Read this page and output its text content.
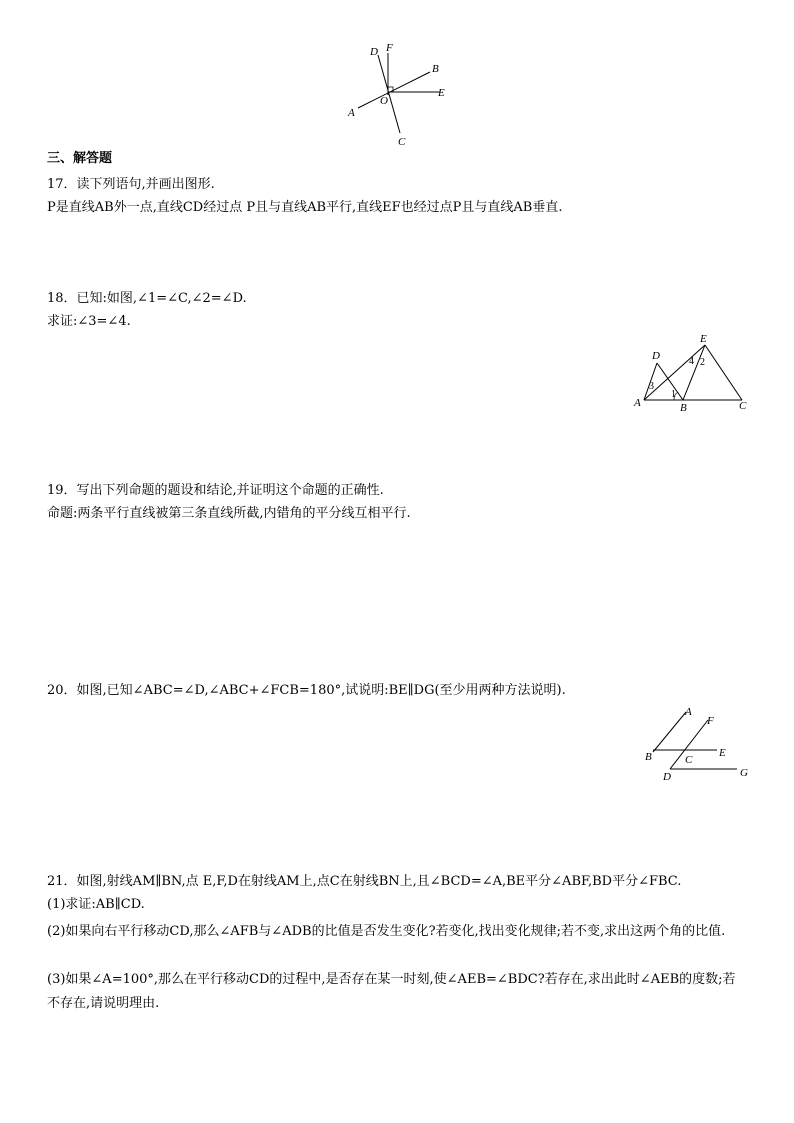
D F
B
E
O
A
C
三、解答题
17．读下列语句,并画出图形.
P是直线AB外一点,直线CD经过点 P且与直线AB平行,直线EF也经过点P且与直线AB垂直.
18．已知:如图,∠1=∠C,∠2=∠D.
求证:∠3=∠4.
1
2
3
4
D
E
A	B	C
19．写出下列命题的题设和结论,并证明这个命题的正确性.
命题:两条平行直线被第三条直线所截,内错角的平分线互相平行.
20．如图,已知∠ABC=∠D,∠ABC+∠FCB=180°,试说明:BE∥DG(至少用两种方法说明).
A
F
B	E
C
D	G
21．如图,射线AM∥BN,点 E,F,D在射线AM上,点C在射线BN上,且∠BCD=∠A,BE平分∠ABF,BD平分∠FBC.
(1)求证:AB∥CD.
(2)如果向右平行移动CD,那么∠AFB与∠ADB的比值是否发生变化?若变化,找出变化规律;若不变,求出这两个角的比值.
(3)如果∠A=100°,那么在平行移动CD的过程中,是否存在某一时刻,使∠AEB=∠BDC?若存在,求出此时∠AEB的度数;若不存在,请说明理由.
